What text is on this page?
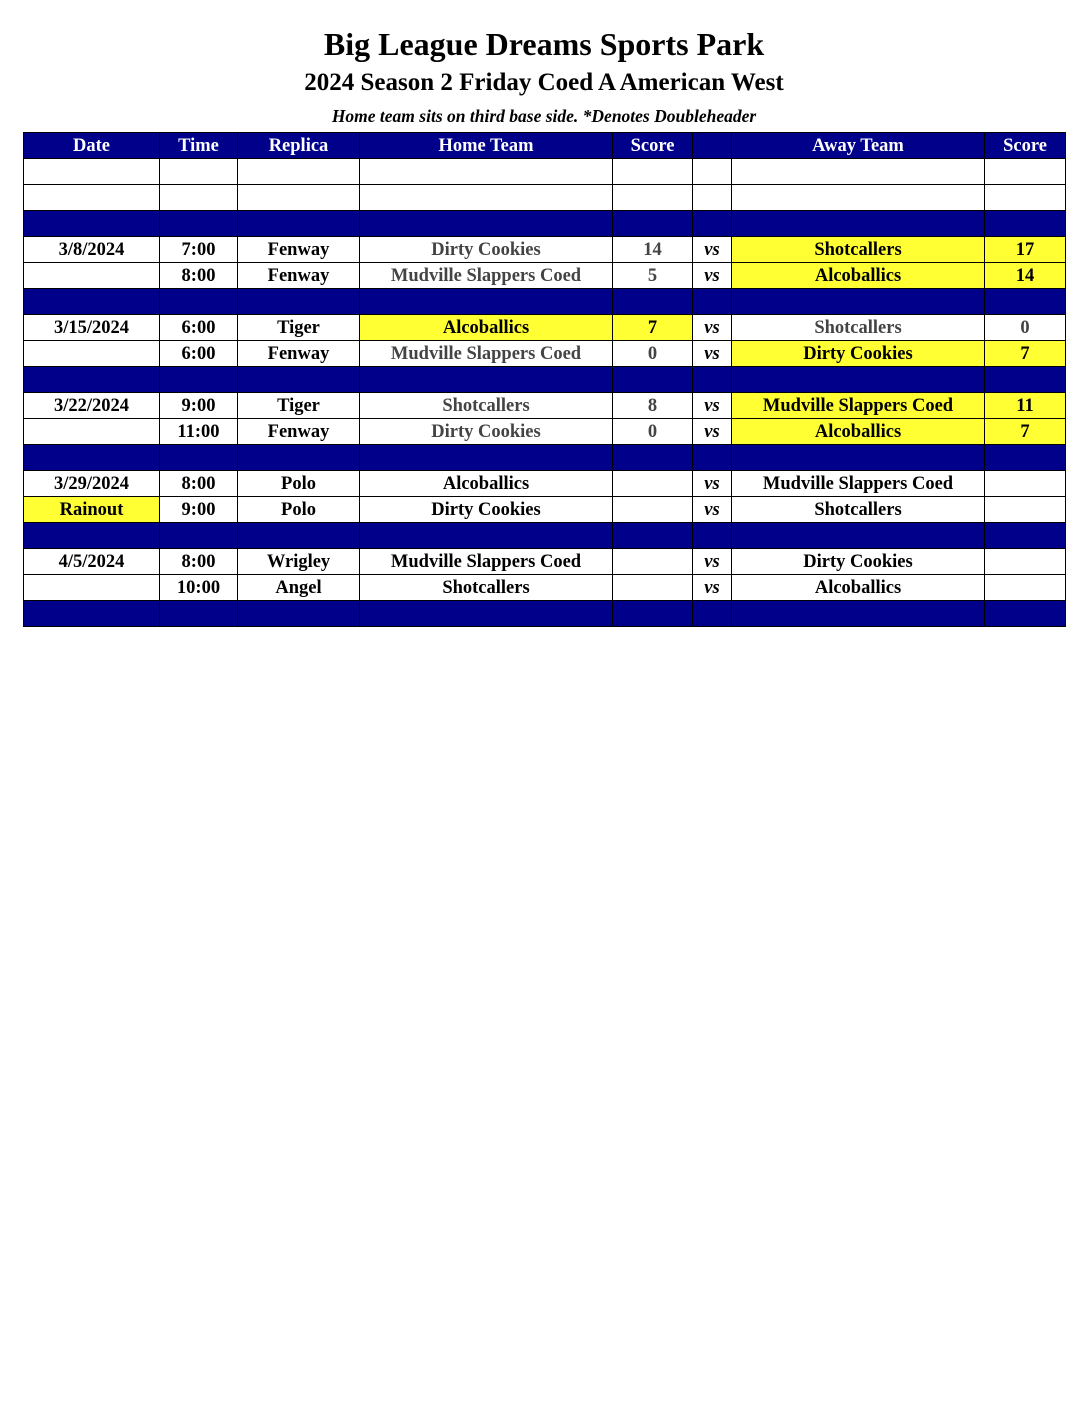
Big League Dreams Sports Park
2024 Season 2 Friday Coed A American West
Home team sits on third base side. *Denotes Doubleheader
Date	Time	Replica	Home Team	Score		Away Team	Score

3/8/2024	7:00	Fenway	Dirty Cookies	14	vs	Shotcallers	17
	8:00	Fenway	Mudville Slappers Coed	5	vs	Alcoballics	14

3/15/2024	6:00	Tiger	Alcoballics	7	vs	Shotcallers	0
	6:00	Fenway	Mudville Slappers Coed	0	vs	Dirty Cookies	7

3/22/2024	9:00	Tiger	Shotcallers	8	vs	Mudville Slappers Coed	11
	11:00	Fenway	Dirty Cookies	0	vs	Alcoballics	7

3/29/2024	8:00	Polo	Alcoballics		vs	Mudville Slappers Coed	
Rainout	9:00	Polo	Dirty Cookies		vs	Shotcallers	

4/5/2024	8:00	Wrigley	Mudville Slappers Coed		vs	Dirty Cookies	
	10:00	Angel	Shotcallers		vs	Alcoballics	
